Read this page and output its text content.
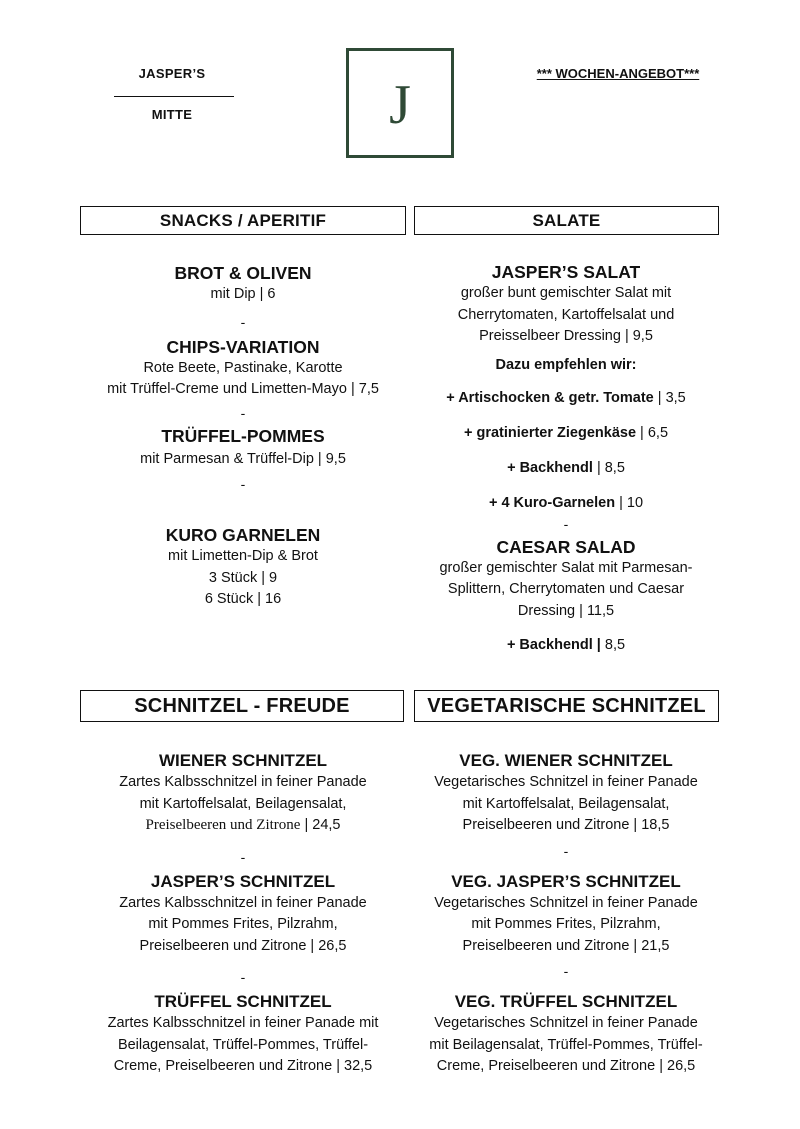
JASPER’S
MITTE	J
*** WOCHEN-ANGEBOT***
SNACKS / APERITIF	SALATE
BROT & OLIVEN
mit Dip | 6
-
CHIPS-VARIATION
Rote Beete, Pastinake, Karotte
mit Trüffel-Creme und Limetten-Mayo | 7,5
-
TRÜFFEL-POMMES
mit Parmesan & Trüffel-Dip | 9,5
-
KURO GARNELEN
mit Limetten-Dip & Brot
3 Stück | 9
6 Stück | 16
JASPER’S SALAT
großer bunt gemischter Salat mit
Cherrytomaten, Kartoffelsalat und
Preisselbeer Dressing | 9,5
Dazu empfehlen wir:
+ Artischocken & getr. Tomate | 3,5
+ gratinierter Ziegenkäse | 6,5
+ Backhendl | 8,5
+ 4 Kuro-Garnelen | 10
-
CAESAR SALAD
großer gemischter Salat mit Parmesan-
Splittern, Cherrytomaten und Caesar
Dressing | 11,5
+ Backhendl | 8,5
SCHNITZEL - FREUDE	VEGETARISCHE SCHNITZEL
WIENER SCHNITZEL
Zartes Kalbsschnitzel in feiner Panade
mit Kartoffelsalat, Beilagensalat,
Preiselbeeren und Zitrone | 24,5
-
JASPER’S SCHNITZEL
Zartes Kalbsschnitzel in feiner Panade
mit Pommes Frites, Pilzrahm,
Preiselbeeren und Zitrone | 26,5
-
TRÜFFEL SCHNITZEL
Zartes Kalbsschnitzel in feiner Panade mit
Beilagensalat, Trüffel-Pommes, Trüffel-
Creme, Preiselbeeren und Zitrone | 32,5
VEG. WIENER SCHNITZEL
Vegetarisches Schnitzel in feiner Panade
mit Kartoffelsalat, Beilagensalat,
Preiselbeeren und Zitrone | 18,5
-
VEG. JASPER’S SCHNITZEL
Vegetarisches Schnitzel in feiner Panade
mit Pommes Frites, Pilzrahm,
Preiselbeeren und Zitrone | 21,5
-
VEG. TRÜFFEL SCHNITZEL
Vegetarisches Schnitzel in feiner Panade
mit Beilagensalat, Trüffel-Pommes, Trüffel-
Creme, Preiselbeeren und Zitrone | 26,5
